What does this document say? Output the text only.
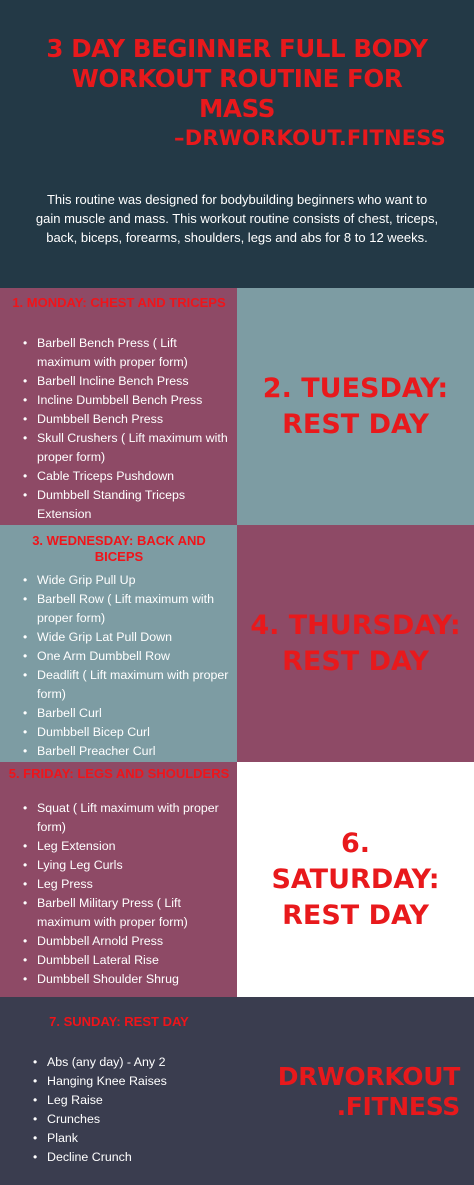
3 DAY BEGINNER FULL BODY
WORKOUT ROUTINE FOR
MASS
–DRWORKOUT.FITNESS
This routine was designed for bodybuilding beginners who want to gain muscle and mass. This workout routine consists of chest, triceps, back, biceps, forearms, shoulders, legs and abs for 8 to 12 weeks.
1. MONDAY: CHEST AND TRICEPS
• Barbell Bench Press ( Lift maximum with proper form)
• Barbell Incline Bench Press
• Incline Dumbbell Bench Press
• Dumbbell Bench Press
• Skull Crushers ( Lift maximum with proper form)
• Cable Triceps Pushdown
• Dumbbell Standing Triceps Extension
2. TUESDAY:
REST DAY
3. WEDNESDAY: BACK AND BICEPS
• Wide Grip Pull Up
• Barbell Row ( Lift maximum with proper form)
• Wide Grip Lat Pull Down
• One Arm Dumbbell Row
• Deadlift ( Lift maximum with proper form)
• Barbell Curl
• Dumbbell Bicep Curl
• Barbell Preacher Curl
4. THURSDAY:
REST DAY
5. FRIDAY: LEGS AND SHOULDERS
• Squat ( Lift maximum with proper form)
• Leg Extension
• Lying Leg Curls
• Leg Press
• Barbell Military Press ( Lift maximum with proper form)
• Dumbbell Arnold Press
• Dumbbell Lateral Rise
• Dumbbell Shoulder Shrug
6.
SATURDAY:
REST DAY
7. SUNDAY: REST DAY
• Abs (any day) - Any 2
• Hanging Knee Raises
• Leg Raise
• Crunches
• Plank
• Decline Crunch
DRWORKOUT
.FITNESS
